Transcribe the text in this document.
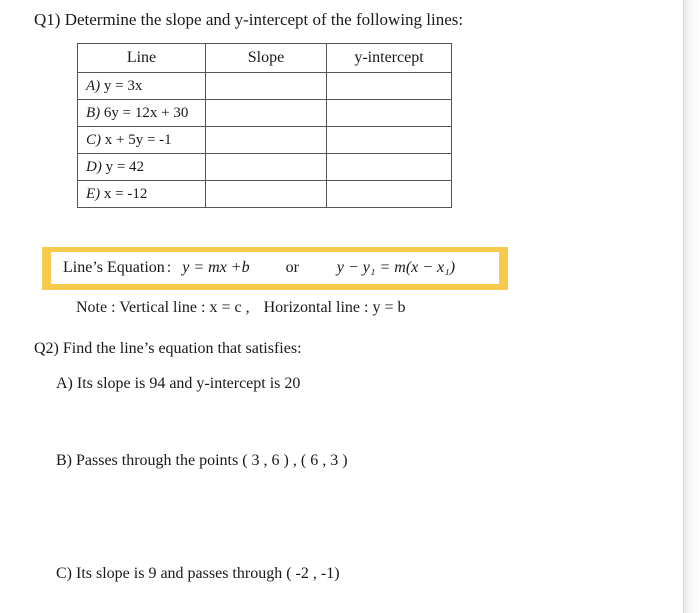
Q1) Determine the slope and y-intercept of the following lines:
Line	Slope	y-intercept
A) y = 3x		
B) 6y = 12x + 30		
C) x + 5y = -1		
D) y = 42		
E) x = -12		
Line’s Equation : y = mx +b or y − y₁ = m(x − x₁)
Note : Vertical line : x = c , Horizontal line : y = b
Q2) Find the line’s equation that satisfies:
A) Its slope is 94 and y-intercept is 20
B) Passes through the points ( 3 , 6 ) , ( 6 , 3 )
C) Its slope is 9 and passes through ( -2 , -1)
